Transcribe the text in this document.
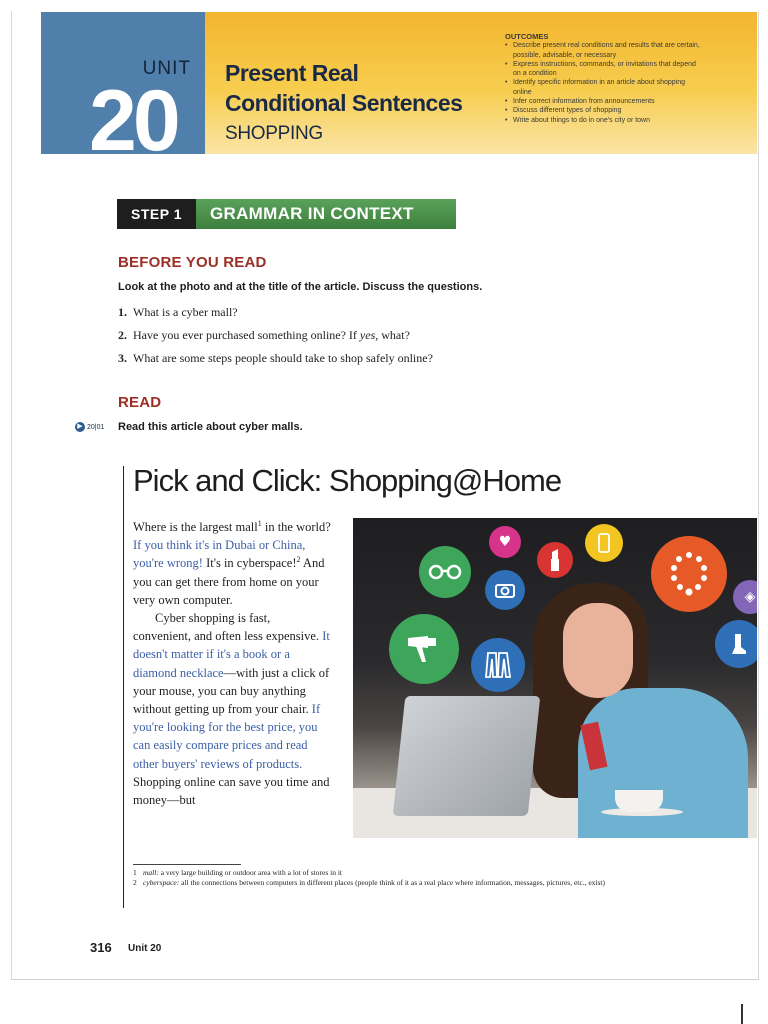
UNIT
20 Present Real
Conditional Sentences
SHOPPING
OUTCOMES
• Describe present real conditions and results that are certain, possible, advisable, or necessary
• Express instructions, commands, or invitations that depend on a condition
• Identify specific information in an article about shopping online
• Infer correct information from announcements
• Discuss different types of shopping
• Write about things to do in one's city or town
STEP 1	GRAMMAR IN CONTEXT
BEFORE YOU READ
Look at the photo and at the title of the article. Discuss the questions.
1. What is a cyber mall?
2. Have you ever purchased something online? If yes, what?
3. What are some steps people should take to shop safely online?
READ
▶ 20|01 Read this article about cyber malls.
Pick and Click: Shopping@Home

Where is the largest mall$^1$ in the world? If you think it's in Dubai or China, you're wrong! It's in cyberspace!$^2$ And you can get there from home on your very own computer.

Cyber shopping is fast, convenient, and often less expensive. It doesn't matter if it's a book or a diamond necklace—with just a click of your mouse, you can buy anything without getting up from your chair. If you're looking for the best price, you can easily compare prices and read other buyers' reviews of products. Shopping online can save you time and money—but

♥
◈
1 mall: a very large building or outdoor area with a lot of stores in it
2 cyberspace: all the connections between computers in different places (people think of it as a real place where information, messages, pictures, etc., exist)
316 Unit 20
